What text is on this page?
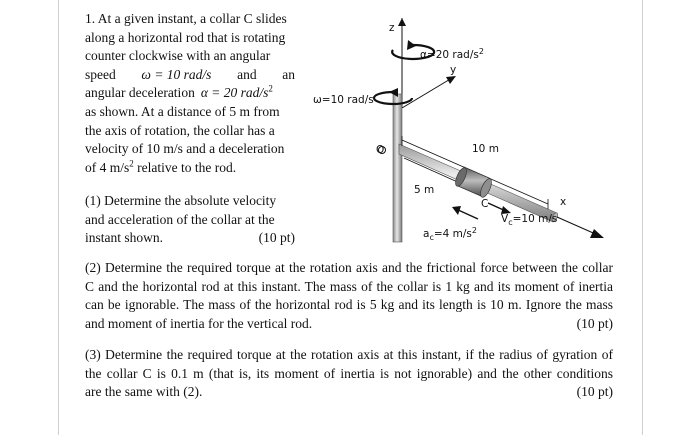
1. At a given instant, a collar C slides
along a horizontal rod that is rotating
counter clockwise with an angular
speed ω = 10 rad/s and an
angular deceleration α = 20 rad/$s^2$
as shown. At a distance of 5 m from
the axis of rotation, the collar has a
velocity of 10 m/s and a deceleration
of 4 $m/s^2$ relative to the rod.
(1) Determine the absolute velocity
and acceleration of the collar at the
instant shown.	(10 pt)
(2) Determine the required torque at the rotation axis and the frictional force between the collar
C and the horizontal rod at this instant. The mass of the collar is 1 kg and its moment of inertia
can be ignorable. The mass of the horizontal rod is 5 kg and its length is 10 m. Ignore the mass
and moment of inertia for the vertical rod.	(10 pt)
(3) Determine the required torque at the rotation axis at this instant, if the radius of gyration of
the collar C is 0.1 m (that is, its moment of inertia is not ignorable) and the other conditions
are the same with (2).	(10 pt)
z
α=20 rad/$s^2$
y
ω=10 rad/s
x
O	10 m
5 m
C
$V_c=10$ m/s
$a_c=4$ $m/s^2$
